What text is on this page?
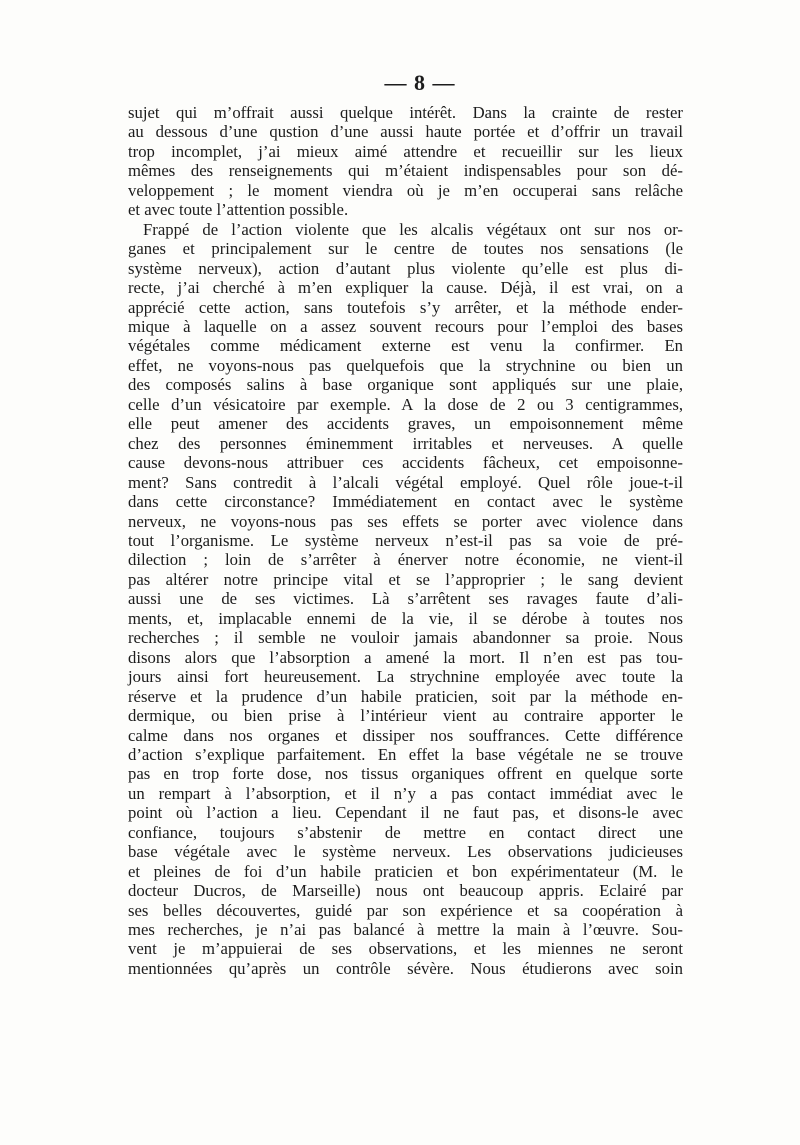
— 8 —
sujet qui m’offrait aussi quelque intérêt. Dans la crainte de rester
au dessous d’une qustion d’une aussi haute portée et d’offrir un travail
trop incomplet, j’ai mieux aimé attendre et recueillir sur les lieux
mêmes des renseignements qui m’étaient indispensables pour son dé-
veloppement ; le moment viendra où je m’en occuperai sans relâche
et avec toute l’attention possible.
Frappé de l’action violente que les alcalis végétaux ont sur nos or-
ganes et principalement sur le centre de toutes nos sensations (le
système nerveux), action d’autant plus violente qu’elle est plus di-
recte, j’ai cherché à m’en expliquer la cause. Déjà, il est vrai, on a
apprécié cette action, sans toutefois s’y arrêter, et la méthode ender-
mique à laquelle on a assez souvent recours pour l’emploi des bases
végétales comme médicament externe est venu la confirmer. En
effet, ne voyons-nous pas quelquefois que la strychnine ou bien un
des composés salins à base organique sont appliqués sur une plaie,
celle d’un vésicatoire par exemple. A la dose de 2 ou 3 centigrammes,
elle peut amener des accidents graves, un empoisonnement même
chez des personnes éminemment irritables et nerveuses. A quelle
cause devons-nous attribuer ces accidents fâcheux, cet empoisonne-
ment? Sans contredit à l’alcali végétal employé. Quel rôle joue-t-il
dans cette circonstance? Immédiatement en contact avec le système
nerveux, ne voyons-nous pas ses effets se porter avec violence dans
tout l’organisme. Le système nerveux n’est-il pas sa voie de pré-
dilection ; loin de s’arrêter à énerver notre économie, ne vient-il
pas altérer notre principe vital et se l’approprier ; le sang devient
aussi une de ses victimes. Là s’arrêtent ses ravages faute d’ali-
ments, et, implacable ennemi de la vie, il se dérobe à toutes nos
recherches ; il semble ne vouloir jamais abandonner sa proie. Nous
disons alors que l’absorption a amené la mort. Il n’en est pas tou-
jours ainsi fort heureusement. La strychnine employée avec toute la
réserve et la prudence d’un habile praticien, soit par la méthode en-
dermique, ou bien prise à l’intérieur vient au contraire apporter le
calme dans nos organes et dissiper nos souffrances. Cette différence
d’action s’explique parfaitement. En effet la base végétale ne se trouve
pas en trop forte dose, nos tissus organiques offrent en quelque sorte
un rempart à l’absorption, et il n’y a pas contact immédiat avec le
point où l’action a lieu. Cependant il ne faut pas, et disons-le avec
confiance, toujours s’abstenir de mettre en contact direct une
base végétale avec le système nerveux. Les observations judicieuses
et pleines de foi d’un habile praticien et bon expérimentateur (M. le
docteur Ducros, de Marseille) nous ont beaucoup appris. Eclairé par
ses belles découvertes, guidé par son expérience et sa coopération à
mes recherches, je n’ai pas balancé à mettre la main à l’œuvre. Sou-
vent je m’appuierai de ses observations, et les miennes ne seront
mentionnées qu’après un contrôle sévère. Nous étudierons avec soin
